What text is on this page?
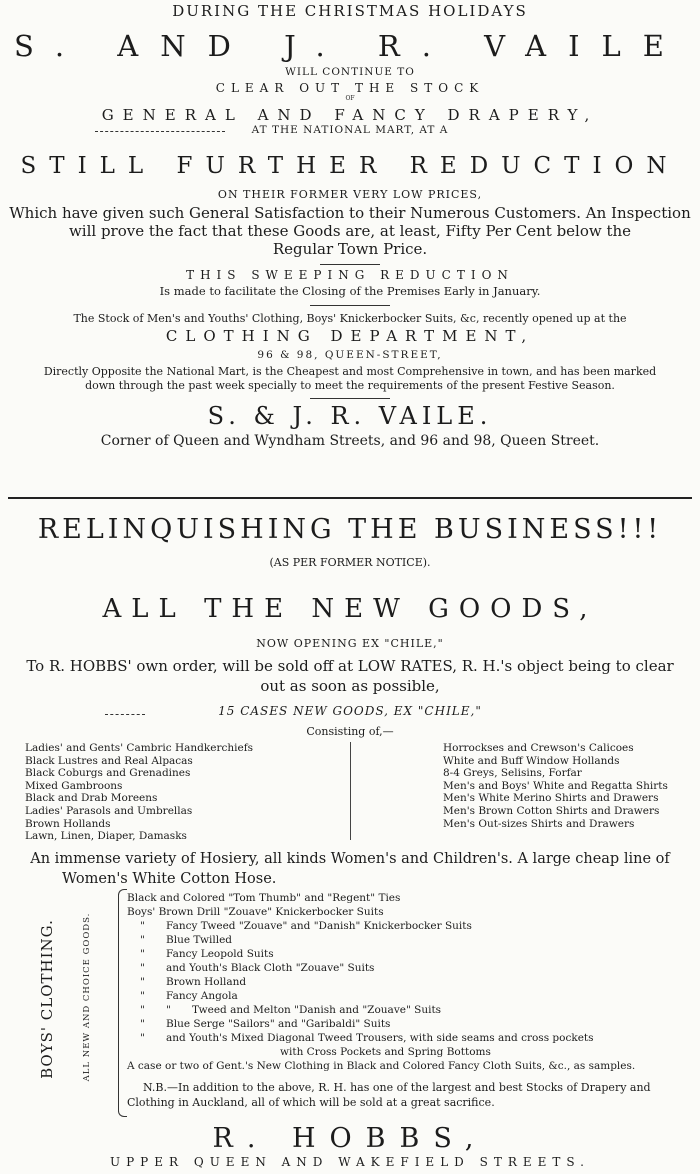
DURING THE CHRISTMAS HOLIDAYS
S. AND J. R. VAILE
WILL CONTINUE TO
CLEAR OUT THE STOCK
OF
GENERAL AND FANCY DRAPERY,
AT THE NATIONAL MART, AT A
STILL FURTHER REDUCTION
ON THEIR FORMER VERY LOW PRICES,
Which have given such General Satisfaction to their Numerous Customers. An Inspection
will prove the fact that these Goods are, at least, Fifty Per Cent below the
Regular Town Price.
THIS SWEEPING REDUCTION
Is made to facilitate the Closing of the Premises Early in January.
The Stock of Men's and Youths' Clothing, Boys' Knickerbocker Suits, &c, recently opened up at the
CLOTHING DEPARTMENT,
96 & 98, QUEEN-STREET,
Directly Opposite the National Mart, is the Cheapest and most Comprehensive in town, and has been marked
down through the past week specially to meet the requirements of the present Festive Season.
S. & J. R. VAILE.
Corner of Queen and Wyndham Streets, and 96 and 98, Queen Street.
RELINQUISHING THE BUSINESS!!!
(AS PER FORMER NOTICE).
ALL THE NEW GOODS,
NOW OPENING EX "CHILE,"
To R. HOBBS' own order, will be sold off at LOW RATES, R. H.'s object being to clear
out as soon as possible,
15 CASES NEW GOODS, EX "CHILE,"
Consisting of,—
Ladies' and Gents' Cambric Handkerchiefs
Black Lustres and Real Alpacas
Black Coburgs and Grenadines
Mixed Gambroons
Black and Drab Moreens
Ladies' Parasols and Umbrellas
Brown Hollands
Lawn, Linen, Diaper, Damasks
Horrockses and Crewson's Calicoes
White and Buff Window Hollands
8-4 Greys, Selisins, Forfar
Men's and Boys' White and Regatta Shirts
Men's White Merino Shirts and Drawers
Men's Brown Cotton Shirts and Drawers
Men's Out-sizes Shirts and Drawers
An immense variety of Hosiery, all kinds Women's and Children's. A large cheap line of
Women's White Cotton Hose.
BOYS' CLOTHING.	ALL NEW AND CHOICE GOODS.
Black and Colored "Tom Thumb" and "Regent" Ties
Boys' Brown Drill "Zouave" Knickerbocker Suits
" Fancy Tweed "Zouave" and "Danish" Knickerbocker Suits
" Blue Twilled
" Fancy Leopold Suits
" and Youth's Black Cloth "Zouave" Suits
" Brown Holland
" Fancy Angola
" " Tweed and Melton "Danish and "Zouave" Suits
" Blue Serge "Sailors" and "Garibaldi" Suits
" and Youth's Mixed Diagonal Tweed Trousers, with side seams and cross pockets
with Cross Pockets and Spring Bottoms
A case or two of Gent.'s New Clothing in Black and Colored Fancy Cloth Suits, &c., as samples.
N.B.—In addition to the above, R. H. has one of the largest and best Stocks of Drapery and
Clothing in Auckland, all of which will be sold at a great sacrifice.
R. HOBBS,
UPPER QUEEN AND WAKEFIELD STREETS.
